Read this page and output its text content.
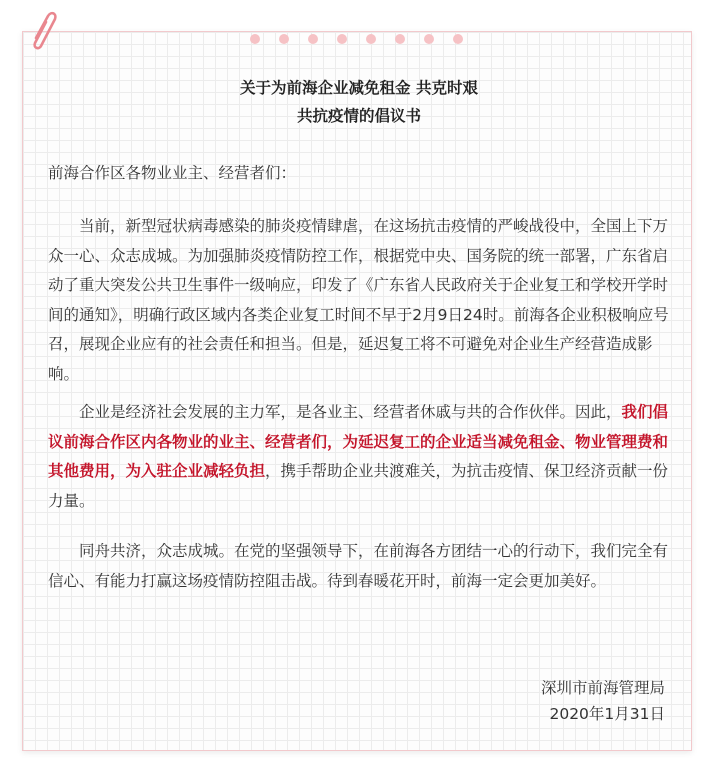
关于为前海企业减免租金 共克时艰
共抗疫情的倡议书
前海合作区各物业业主、经营者们：

当前，新型冠状病毒感染的肺炎疫情肆虐，在这场抗击疫情的严峻战役中，全国上下万众一心、众志成城。为加强肺炎疫情防控工作，根据党中央、国务院的统一部署，广东省启动了重大突发公共卫生事件一级响应，印发了《广东省人民政府关于企业复工和学校开学时间的通知》，明确行政区域内各类企业复工时间不早于2月9日24时。前海各企业积极响应号召，展现企业应有的社会责任和担当。但是，延迟复工将不可避免对企业生产经营造成影响。

企业是经济社会发展的主力军，是各业主、经营者休戚与共的合作伙伴。因此，我们倡议前海合作区内各物业的业主、经营者们，为延迟复工的企业适当减免租金、物业管理费和其他费用，为入驻企业减轻负担，携手帮助企业共渡难关，为抗击疫情、保卫经济贡献一份力量。

同舟共济，众志成城。在党的坚强领导下，在前海各方团结一心的行动下，我们完全有信心、有能力打赢这场疫情防控阻击战。待到春暖花开时，前海一定会更加美好。

深圳市前海管理局
2020年1月31日
